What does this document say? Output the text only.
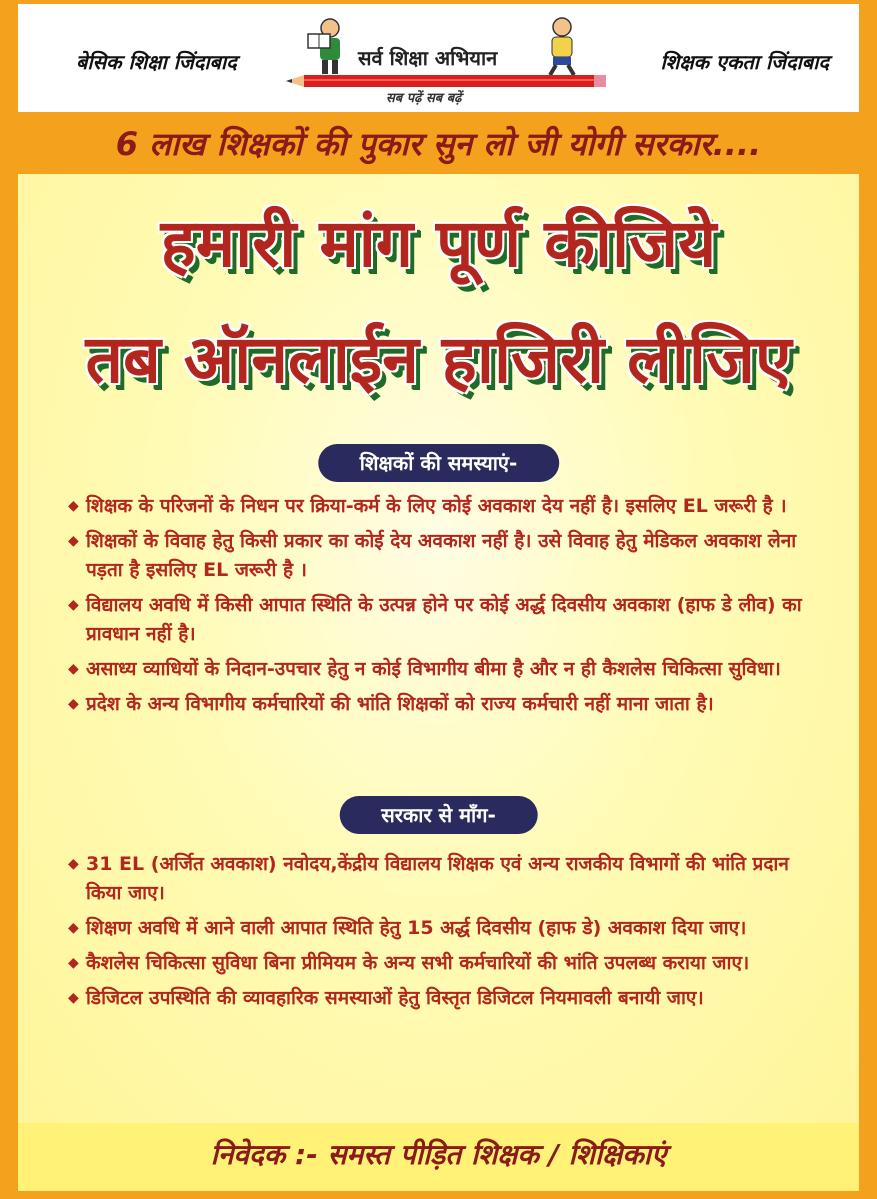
बेसिक शिक्षा जिंदाबाद	सर्व शिक्षा अभियान
सब पढ़ें सब बढ़ें
शिक्षक एकता जिंदाबाद
6 लाख शिक्षकों की पुकार सुन लो जी योगी सरकार....
हमारी मांग पूर्ण कीजिये
तब ऑनलाईन हाजिरी लीजिए
शिक्षकों की समस्याएं-
◆ शिक्षक के परिजनों के निधन पर क्रिया-कर्म के लिए कोई अवकाश देय नहीं है। इसलिए EL जरूरी है ।
◆ शिक्षकों के विवाह हेतु किसी प्रकार का कोई देय अवकाश नहीं है। उसे विवाह हेतु मेडिकल अवकाश लेना पड़ता है इसलिए EL जरूरी है ।
◆ विद्यालय अवधि में किसी आपात स्थिति के उत्पन्न होने पर कोई अर्द्ध दिवसीय अवकाश (हाफ डे लीव) का प्रावधान नहीं है।
◆ असाध्य व्याधियों के निदान-उपचार हेतु न कोई विभागीय बीमा है और न ही कैशलेस चिकित्सा सुविधा।
◆ प्रदेश के अन्य विभागीय कर्मचारियों की भांति शिक्षकों को राज्य कर्मचारी नहीं माना जाता है।
सरकार से माँग-
◆ 31 EL (अर्जित अवकाश) नवोदय,केंद्रीय विद्यालय शिक्षक एवं अन्य राजकीय विभागों की भांति प्रदान किया जाए।
◆ शिक्षण अवधि में आने वाली आपात स्थिति हेतु 15 अर्द्ध दिवसीय (हाफ डे) अवकाश दिया जाए।
◆ कैशलेस चिकित्सा सुविधा बिना प्रीमियम के अन्य सभी कर्मचारियों की भांति उपलब्ध कराया जाए।
◆ डिजिटल उपस्थिति की व्यावहारिक समस्याओं हेतु विस्तृत डिजिटल नियमावली बनायी जाए।
निवेदक :- समस्त पीड़ित शिक्षक / शिक्षिकाएं
